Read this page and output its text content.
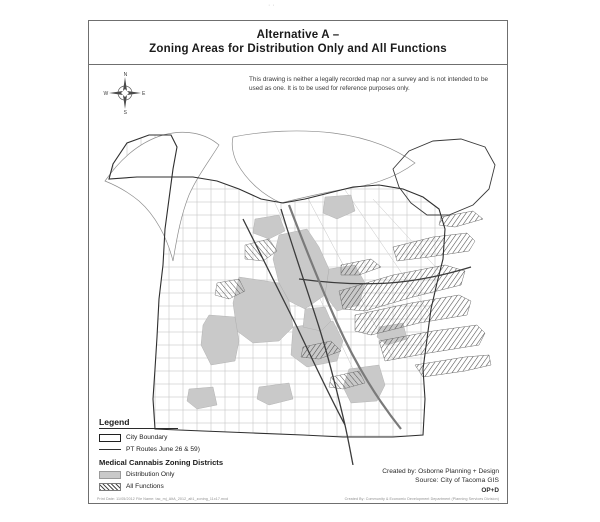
··
Alternative A –
Zoning Areas for Distribution Only and All Functions
This drawing is neither a legally recorded map nor a survey and is not intended to be used as one. It is to be used for reference purposes only.
N
S
W	E
Legend
City Boundary
PT Routes June 26 & 59)
Medical Cannabis Zoning Districts
Distribution Only
All Functions
Created by: Osborne Planning + Design
Source: City of Tacoma GIS
OP+D
Print Date: 11/05/2012 File Name: tac_mj_AltA_2012_alt1_zoning_11x17.mxd	Created By: Community & Economic Development Department (Planning Services Division)
